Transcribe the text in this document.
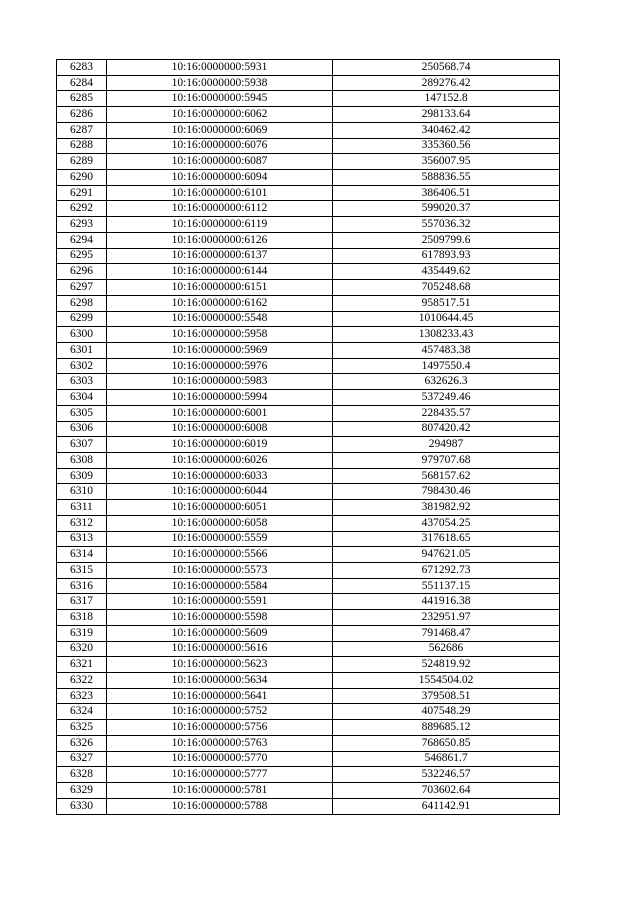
6283	10:16:0000000:5931	250568.74
6284	10:16:0000000:5938	289276.42
6285	10:16:0000000:5945	147152.8
6286	10:16:0000000:6062	298133.64
6287	10:16:0000000:6069	340462.42
6288	10:16:0000000:6076	335360.56
6289	10:16:0000000:6087	356007.95
6290	10:16:0000000:6094	588836.55
6291	10:16:0000000:6101	386406.51
6292	10:16:0000000:6112	599020.37
6293	10:16:0000000:6119	557036.32
6294	10:16:0000000:6126	2509799.6
6295	10:16:0000000:6137	617893.93
6296	10:16:0000000:6144	435449.62
6297	10:16:0000000:6151	705248.68
6298	10:16:0000000:6162	958517.51
6299	10:16:0000000:5548	1010644.45
6300	10:16:0000000:5958	1308233.43
6301	10:16:0000000:5969	457483.38
6302	10:16:0000000:5976	1497550.4
6303	10:16:0000000:5983	632626.3
6304	10:16:0000000:5994	537249.46
6305	10:16:0000000:6001	228435.57
6306	10:16:0000000:6008	807420.42
6307	10:16:0000000:6019	294987
6308	10:16:0000000:6026	979707.68
6309	10:16:0000000:6033	568157.62
6310	10:16:0000000:6044	798430.46
6311	10:16:0000000:6051	381982.92
6312	10:16:0000000:6058	437054.25
6313	10:16:0000000:5559	317618.65
6314	10:16:0000000:5566	947621.05
6315	10:16:0000000:5573	671292.73
6316	10:16:0000000:5584	551137.15
6317	10:16:0000000:5591	441916.38
6318	10:16:0000000:5598	232951.97
6319	10:16:0000000:5609	791468.47
6320	10:16:0000000:5616	562686
6321	10:16:0000000:5623	524819.92
6322	10:16:0000000:5634	1554504.02
6323	10:16:0000000:5641	379508.51
6324	10:16:0000000:5752	407548.29
6325	10:16:0000000:5756	889685.12
6326	10:16:0000000:5763	768650.85
6327	10:16:0000000:5770	546861.7
6328	10:16:0000000:5777	532246.57
6329	10:16:0000000:5781	703602.64
6330	10:16:0000000:5788	641142.91
